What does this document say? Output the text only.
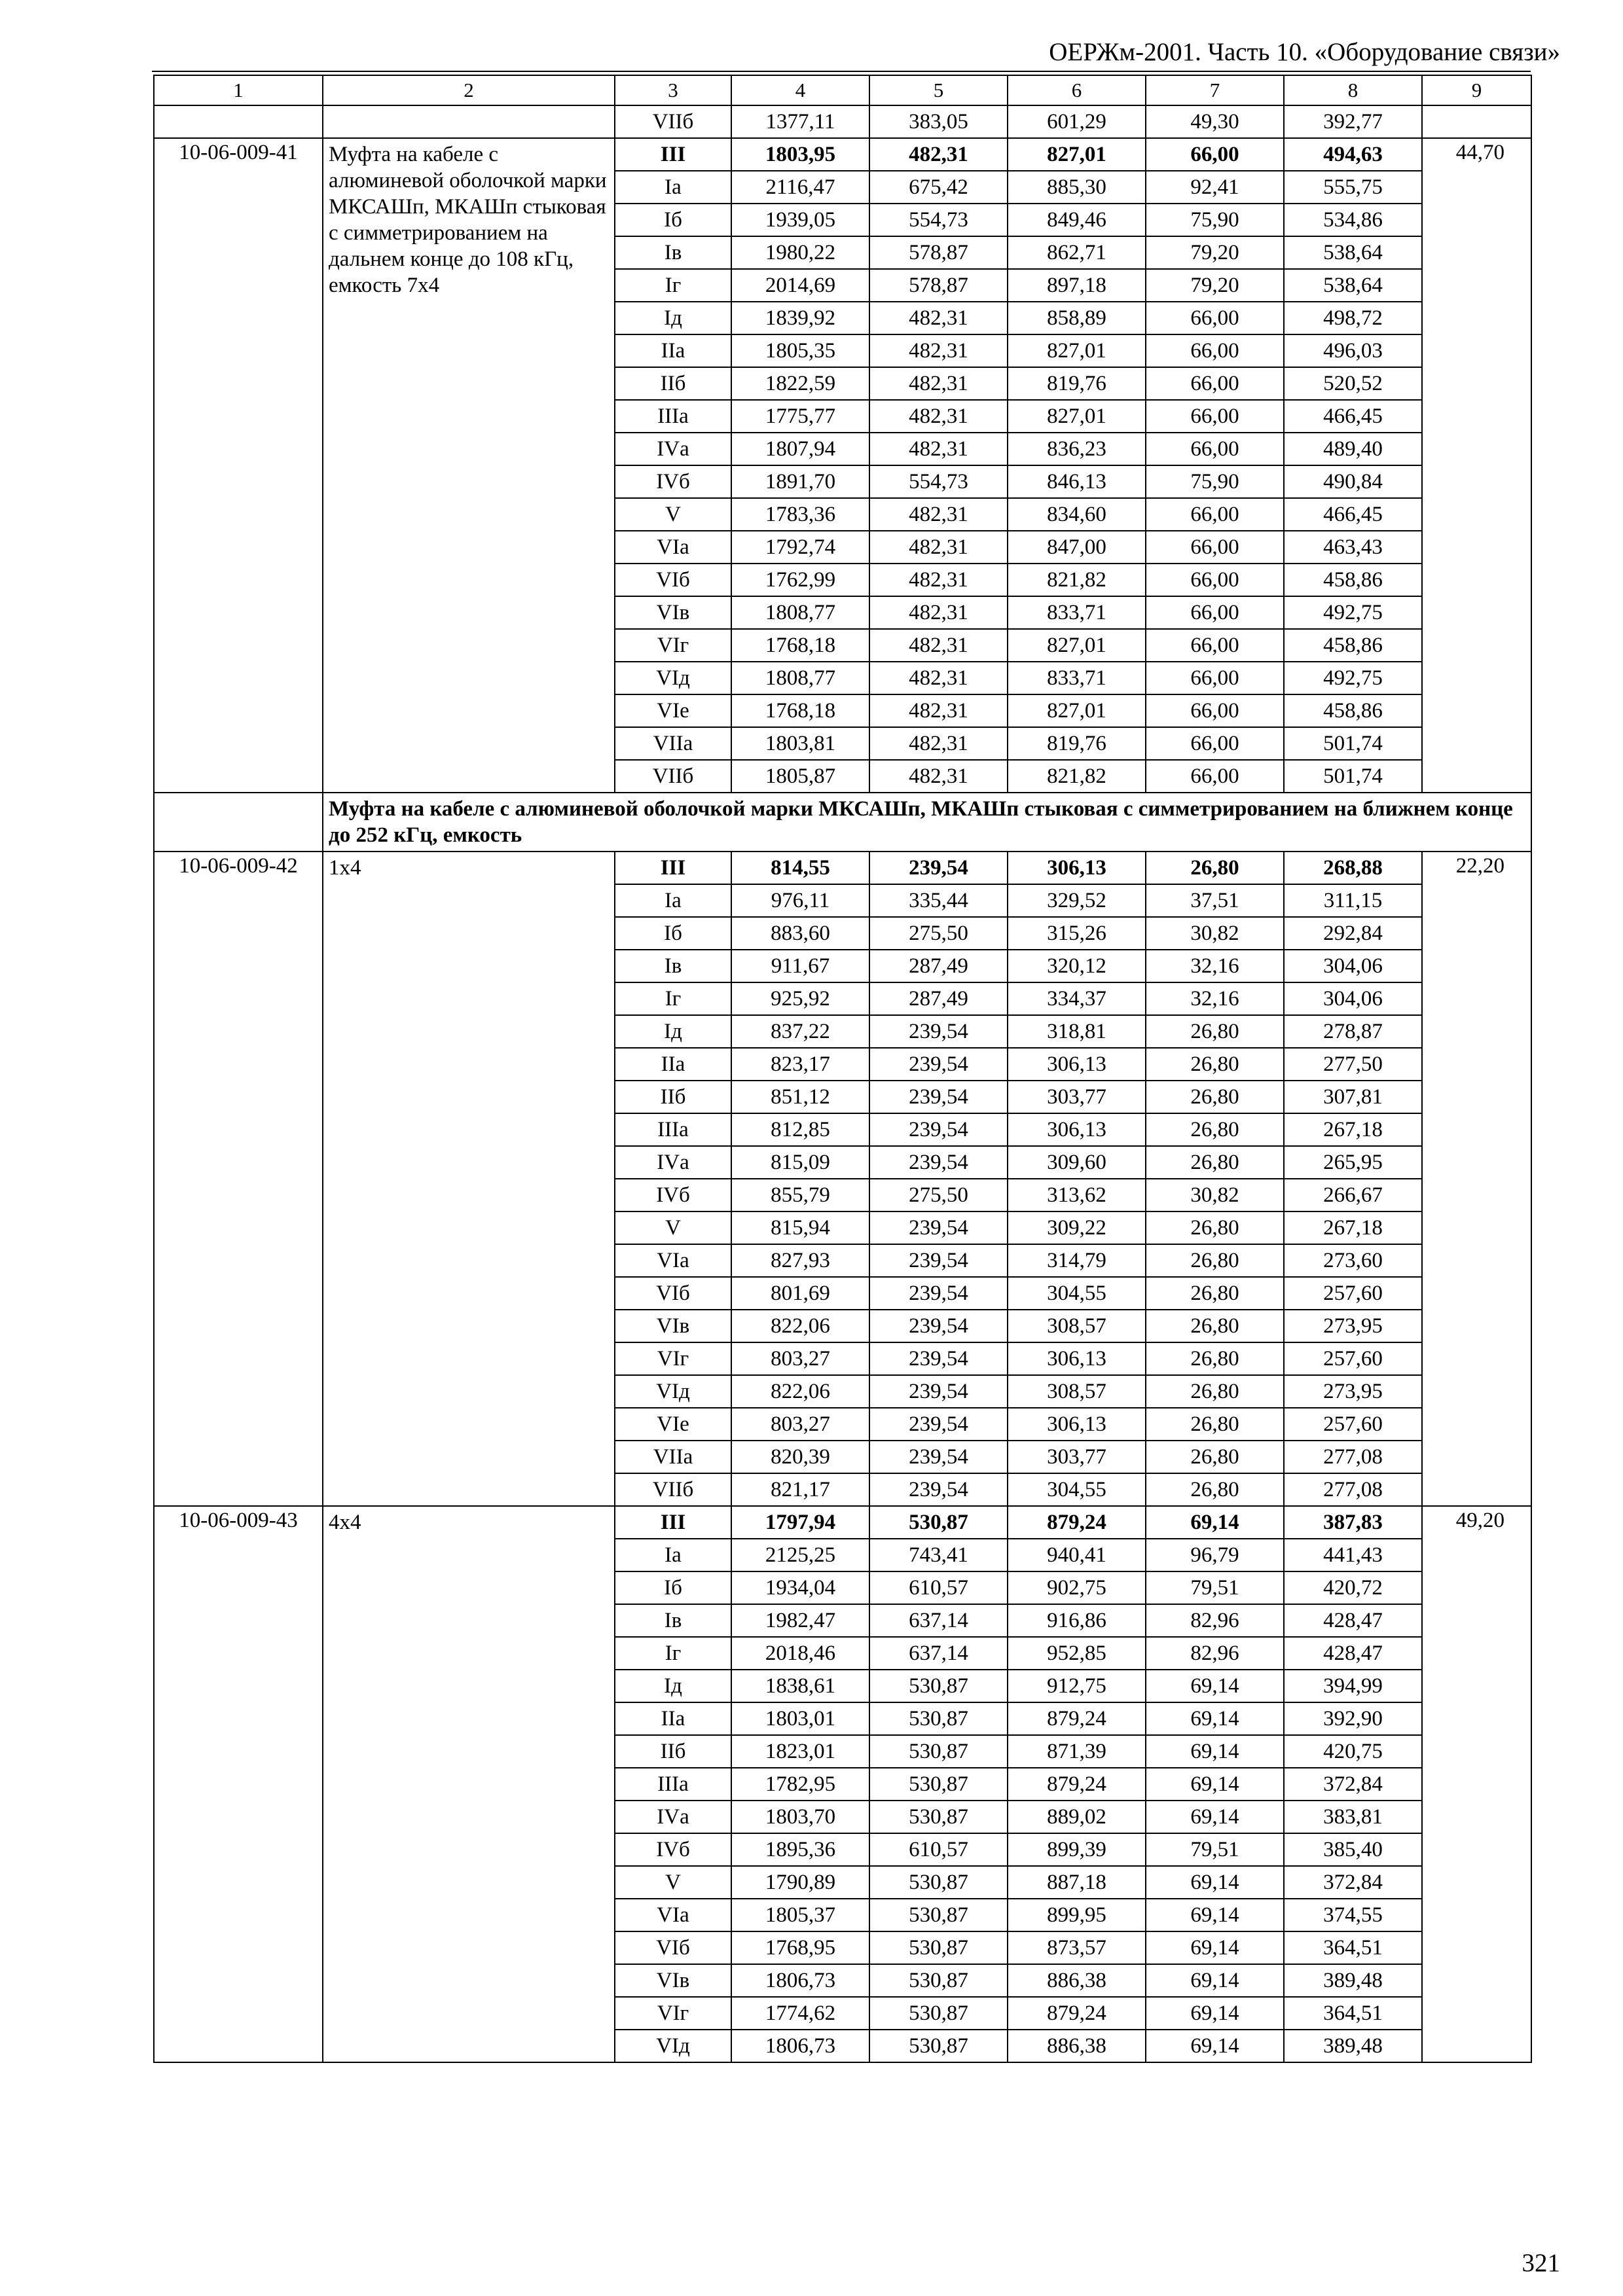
ОЕРЖм-2001. Часть 10. «Оборудование связи»
1	2	3	4	5	6	7	8	9
		VIIб	1377,11	383,05	601,29	49,30	392,77	
10-06-009-41	Муфта на кабеле с алюминевой оболочкой марки МКСАШп, МКАШп стыковая с симметрированием на дальнем конце до 108 кГц, емкость 7х4	III	1803,95	482,31	827,01	66,00	494,63	44,70
		Iа	2116,47	675,42	885,30	92,41	555,75	
		Iб	1939,05	554,73	849,46	75,90	534,86	
		Iв	1980,22	578,87	862,71	79,20	538,64	
		Iг	2014,69	578,87	897,18	79,20	538,64	
		Iд	1839,92	482,31	858,89	66,00	498,72	
		IIа	1805,35	482,31	827,01	66,00	496,03	
		IIб	1822,59	482,31	819,76	66,00	520,52	
		IIIа	1775,77	482,31	827,01	66,00	466,45	
		IVа	1807,94	482,31	836,23	66,00	489,40	
		IVб	1891,70	554,73	846,13	75,90	490,84	
		V	1783,36	482,31	834,60	66,00	466,45	
		VIа	1792,74	482,31	847,00	66,00	463,43	
		VIб	1762,99	482,31	821,82	66,00	458,86	
		VIв	1808,77	482,31	833,71	66,00	492,75	
		VIг	1768,18	482,31	827,01	66,00	458,86	
		VIд	1808,77	482,31	833,71	66,00	492,75	
		VIе	1768,18	482,31	827,01	66,00	458,86	
		VIIа	1803,81	482,31	819,76	66,00	501,74	
		VIIб	1805,87	482,31	821,82	66,00	501,74	
	Муфта на кабеле с алюминевой оболочкой марки МКСАШп, МКАШп стыковая с симметрированием на ближнем конце до 252 кГц, емкость							
10-06-009-42	1х4	III	814,55	239,54	306,13	26,80	268,88	22,20
		Iа	976,11	335,44	329,52	37,51	311,15	
		Iб	883,60	275,50	315,26	30,82	292,84	
		Iв	911,67	287,49	320,12	32,16	304,06	
		Iг	925,92	287,49	334,37	32,16	304,06	
		Iд	837,22	239,54	318,81	26,80	278,87	
		IIа	823,17	239,54	306,13	26,80	277,50	
		IIб	851,12	239,54	303,77	26,80	307,81	
		IIIа	812,85	239,54	306,13	26,80	267,18	
		IVа	815,09	239,54	309,60	26,80	265,95	
		IVб	855,79	275,50	313,62	30,82	266,67	
		V	815,94	239,54	309,22	26,80	267,18	
		VIа	827,93	239,54	314,79	26,80	273,60	
		VIб	801,69	239,54	304,55	26,80	257,60	
		VIв	822,06	239,54	308,57	26,80	273,95	
		VIг	803,27	239,54	306,13	26,80	257,60	
		VIд	822,06	239,54	308,57	26,80	273,95	
		VIе	803,27	239,54	306,13	26,80	257,60	
		VIIа	820,39	239,54	303,77	26,80	277,08	
		VIIб	821,17	239,54	304,55	26,80	277,08	
10-06-009-43	4х4	III	1797,94	530,87	879,24	69,14	387,83	49,20
		Iа	2125,25	743,41	940,41	96,79	441,43	
		Iб	1934,04	610,57	902,75	79,51	420,72	
		Iв	1982,47	637,14	916,86	82,96	428,47	
		Iг	2018,46	637,14	952,85	82,96	428,47	
		Iд	1838,61	530,87	912,75	69,14	394,99	
		IIа	1803,01	530,87	879,24	69,14	392,90	
		IIб	1823,01	530,87	871,39	69,14	420,75	
		IIIа	1782,95	530,87	879,24	69,14	372,84	
		IVа	1803,70	530,87	889,02	69,14	383,81	
		IVб	1895,36	610,57	899,39	79,51	385,40	
		V	1790,89	530,87	887,18	69,14	372,84	
		VIа	1805,37	530,87	899,95	69,14	374,55	
		VIб	1768,95	530,87	873,57	69,14	364,51	
		VIв	1806,73	530,87	886,38	69,14	389,48	
		VIг	1774,62	530,87	879,24	69,14	364,51	
		VIд	1806,73	530,87	886,38	69,14	389,48	
321
